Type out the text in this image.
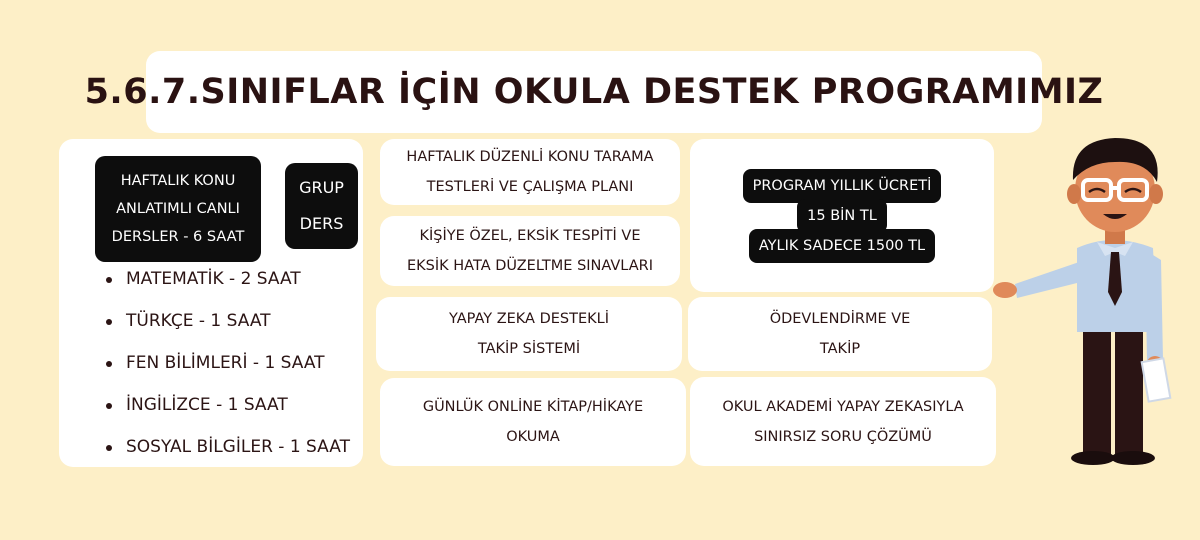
5.6.7.SINIFLAR İÇİN OKULA DESTEK PROGRAMIMIZ
HAFTALIK KONU
ANLATIMLI CANLI
DERSLER - 6 SAAT
GRUP
DERS
MATEMATİK - 2 SAAT
TÜRKÇE - 1 SAAT
FEN BİLİMLERİ - 1 SAAT
İNGİLİZCE - 1 SAAT
SOSYAL BİLGİLER - 1 SAAT
HAFTALIK DÜZENLİ KONU TARAMA
TESTLERİ VE ÇALIŞMA PLANI
KİŞİYE ÖZEL, EKSİK TESPİTİ VE
EKSİK HATA DÜZELTME SINAVLARI
YAPAY ZEKA DESTEKLİ
TAKİP SİSTEMİ
GÜNLÜK ONLİNE KİTAP/HİKAYE
OKUMA
PROGRAM YILLIK ÜCRETİ
15 BİN TL
AYLIK SADECE 1500 TL
ÖDEVLENDİRME VE
TAKİP
OKUL AKADEMİ YAPAY ZEKASIYLA
SINIRSIZ SORU ÇÖZÜMÜ
